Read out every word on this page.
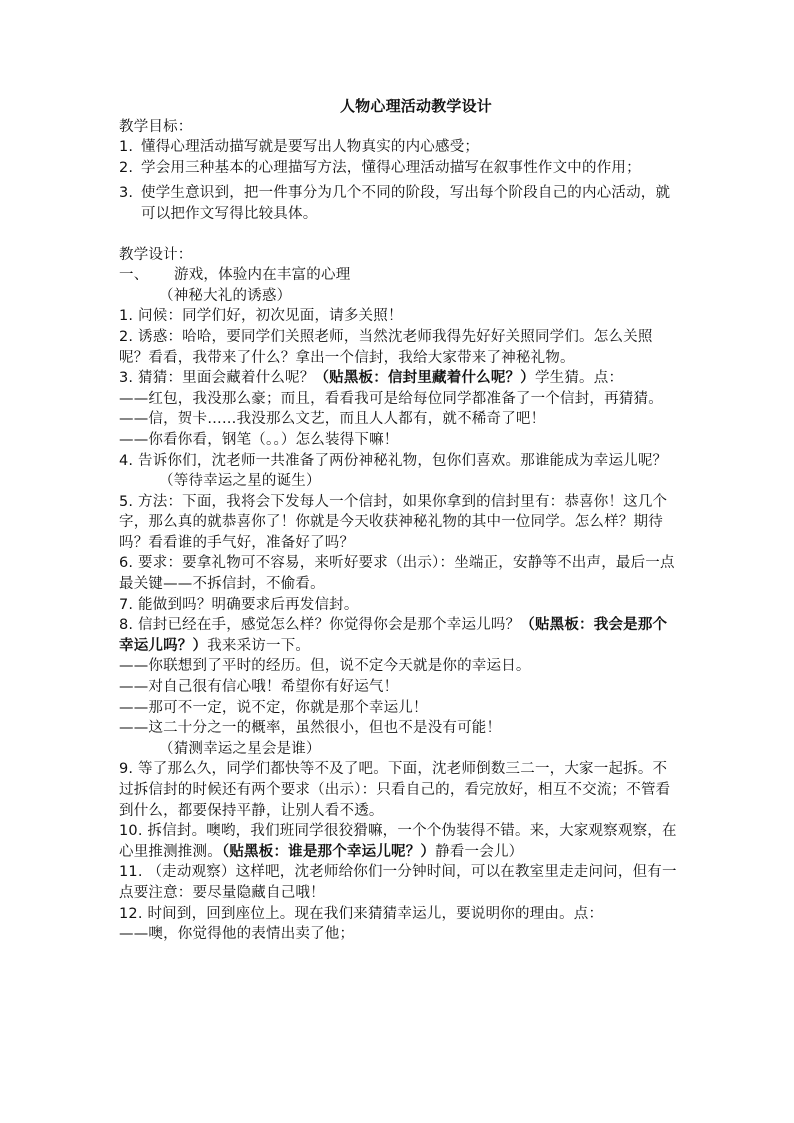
人物心理活动教学设计
教学目标：
1. 懂得心理活动描写就是要写出人物真实的内心感受；
2. 学会用三种基本的心理描写方法，懂得心理活动描写在叙事性作文中的作用；
3. 使学生意识到，把一件事分为几个不同的阶段，写出每个阶段自己的内心活动，就可以把作文写得比较具体。
教学设计：
一、	游戏，体验内在丰富的心理
（神秘大礼的诱惑）
1. 问候：同学们好，初次见面，请多关照！
2. 诱惑：哈哈，要同学们关照老师，当然沈老师我得先好好关照同学们。怎么关照呢？看看，我带来了什么？拿出一个信封，我给大家带来了神秘礼物。
3. 猜猜：里面会藏着什么呢？（贴黑板：信封里藏着什么呢？）学生猜。点：
——红包，我没那么豪；而且，看看我可是给每位同学都准备了一个信封，再猜猜。
——信，贺卡……我没那么文艺，而且人人都有，就不稀奇了吧！
——你看你看，钢笔（。。）怎么装得下嘛！
4. 告诉你们，沈老师一共准备了两份神秘礼物，包你们喜欢。那谁能成为幸运儿呢？
（等待幸运之星的诞生）
5. 方法：下面，我将会下发每人一个信封，如果你拿到的信封里有：恭喜你！这几个字，那么真的就恭喜你了！你就是今天收获神秘礼物的其中一位同学。怎么样？期待吗？看看谁的手气好，准备好了吗？
6. 要求：要拿礼物可不容易，来听好要求（出示）：坐端正，安静等不出声，最后一点最关键——不拆信封，不偷看。
7. 能做到吗？明确要求后再发信封。
8. 信封已经在手，感觉怎么样？你觉得你会是那个幸运儿吗？（贴黑板：我会是那个幸运儿吗？）我来采访一下。
——你联想到了平时的经历。但，说不定今天就是你的幸运日。
——对自己很有信心哦！希望你有好运气！
——那可不一定，说不定，你就是那个幸运儿！
——这二十分之一的概率，虽然很小，但也不是没有可能！
（猜测幸运之星会是谁）
9. 等了那么久，同学们都快等不及了吧。下面，沈老师倒数三二一，大家一起拆。不过拆信封的时候还有两个要求（出示）：只看自己的，看完放好，相互不交流；不管看到什么，都要保持平静，让别人看不透。
10. 拆信封。噢哟，我们班同学很狡猾嘛，一个个伪装得不错。来，大家观察观察，在心里推测推测。（贴黑板：谁是那个幸运儿呢？）静看一会儿）
11. （走动观察）这样吧，沈老师给你们一分钟时间，可以在教室里走走问问，但有一点要注意：要尽量隐藏自己哦！
12. 时间到，回到座位上。现在我们来猜猜幸运儿，要说明你的理由。点：
——噢，你觉得他的表情出卖了他；
